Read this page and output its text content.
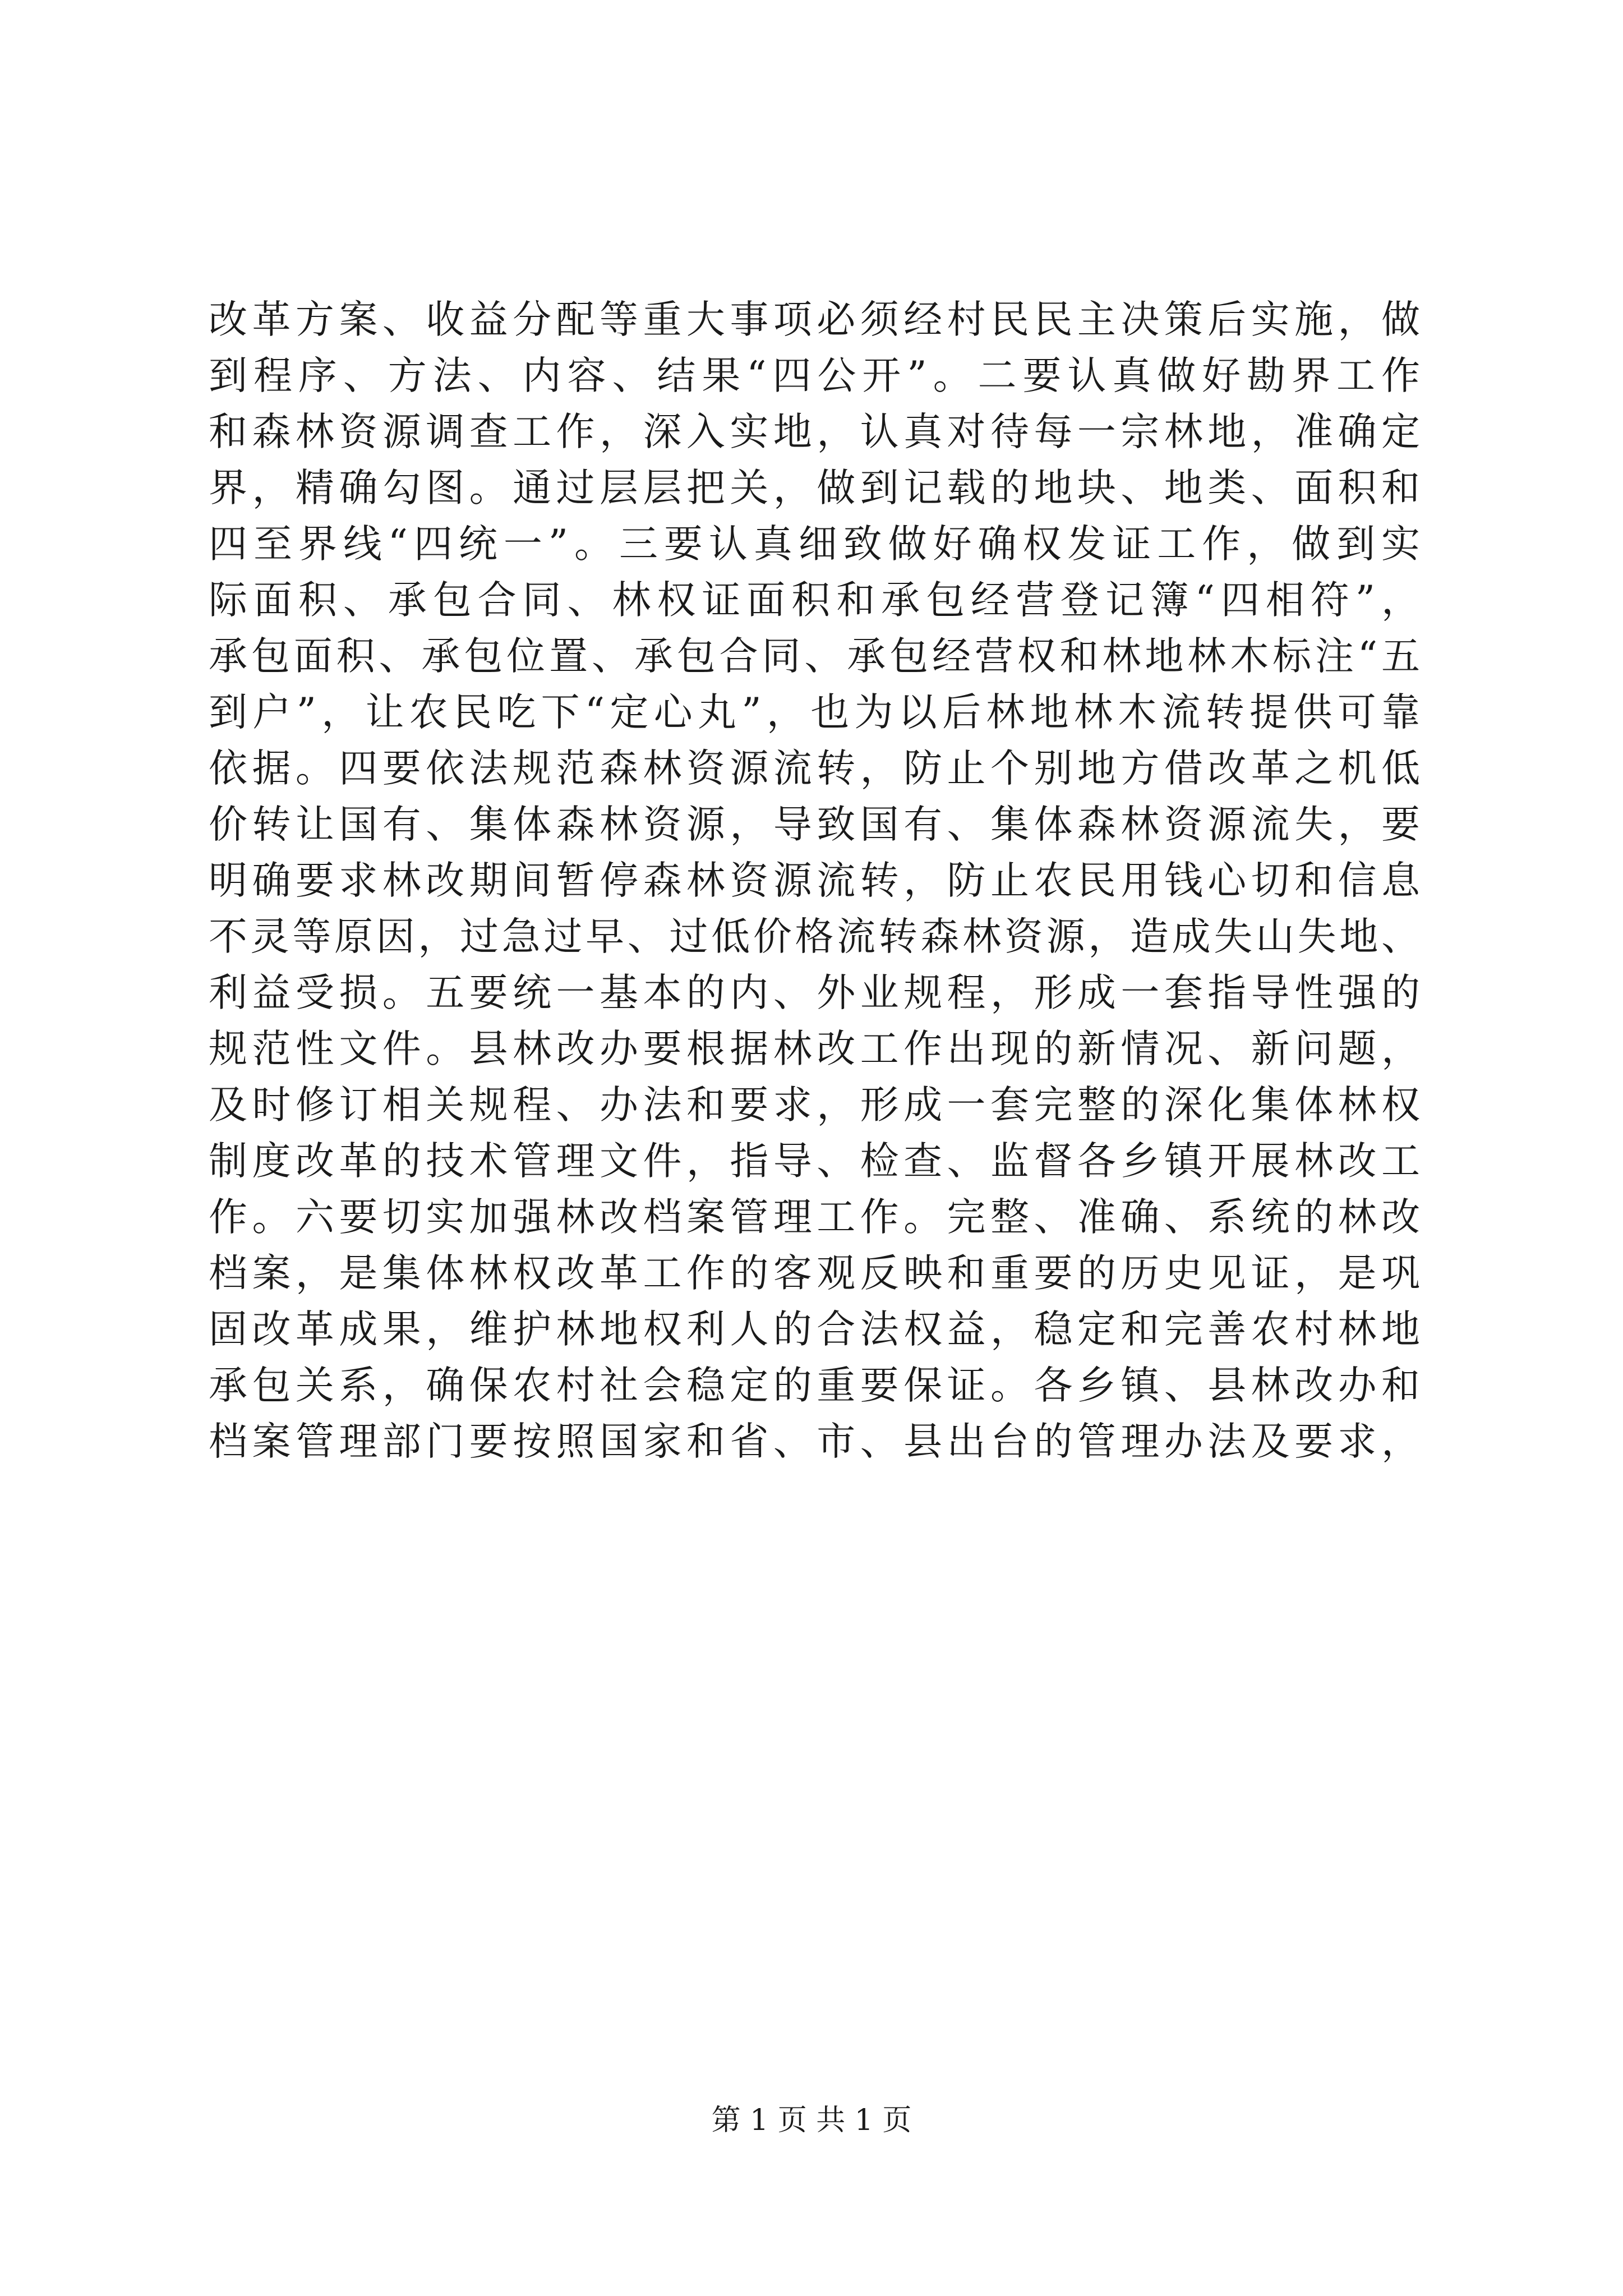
改革方案、收益分配等重大事项必须经村民民主决策后实施，做
到程序、方法、内容、结果“四公开”。二要认真做好勘界工作
和森林资源调查工作，深入实地，认真对待每一宗林地，准确定
界，精确勾图。通过层层把关，做到记载的地块、地类、面积和
四至界线“四统一”。三要认真细致做好确权发证工作，做到实
际面积、承包合同、林权证面积和承包经营登记簿“四相符”，
承包面积、承包位置、承包合同、承包经营权和林地林木标注“五
到户”，让农民吃下“定心丸”，也为以后林地林木流转提供可靠
依据。四要依法规范森林资源流转，防止个别地方借改革之机低
价转让国有、集体森林资源，导致国有、集体森林资源流失，要
明确要求林改期间暂停森林资源流转，防止农民用钱心切和信息
不灵等原因，过急过早、过低价格流转森林资源，造成失山失地、
利益受损。五要统一基本的内、外业规程，形成一套指导性强的
规范性文件。县林改办要根据林改工作出现的新情况、新问题，
及时修订相关规程、办法和要求，形成一套完整的深化集体林权
制度改革的技术管理文件，指导、检查、监督各乡镇开展林改工
作。六要切实加强林改档案管理工作。完整、准确、系统的林改
档案，是集体林权改革工作的客观反映和重要的历史见证，是巩
固改革成果，维护林地权利人的合法权益，稳定和完善农村林地
承包关系，确保农村社会稳定的重要保证。各乡镇、县林改办和
档案管理部门要按照国家和省、市、县出台的管理办法及要求，
第 1 页 共 1 页
